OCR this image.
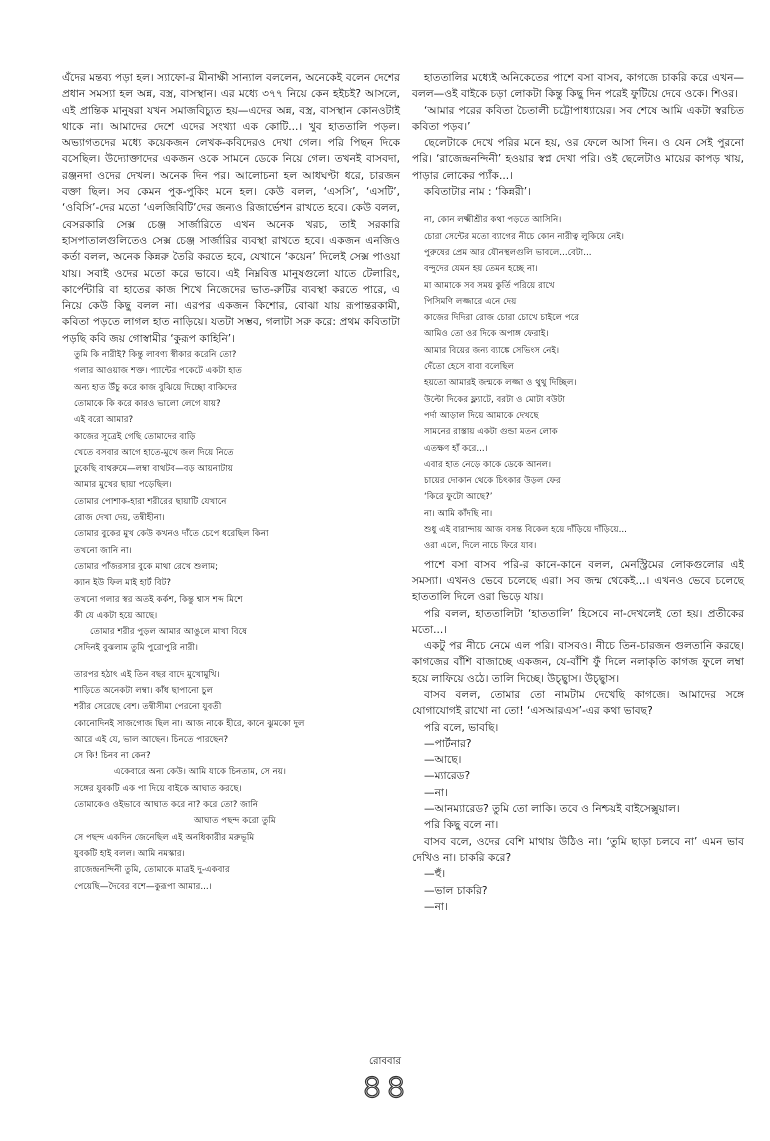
এঁদের মন্তব্য পড়া হল। স্যাফো-র মীনাক্ষী সান্যাল বললেন, অনেকেই বলেন দেশের প্রধান সমস্যা হল অন্ন, বস্ত্র, বাসস্থান। এর মধ্যে ৩৭৭ নিয়ে কেন হইচই? আসলে, এই প্রান্তিক মানুষরা যখন সমাজবিচ্যুত হয়—এদের অন্ন, বস্ত্র, বাসস্থান কোনওটাই থাকে না। আমাদের দেশে এদের সংখ্যা এক কোটি...। খুব হাততালি পড়ল। অভ্যাগতদের মধ্যে কয়েকজন লেখক-কবিদেরও দেখা গেল। পরি পিছন দিকে বসেছিল। উদ্যোক্তাদের একজন ওকে সামনে ডেকে নিয়ে গেল। তখনই বাসবদা, রঞ্জনদা ওদের দেখল। অনেক দিন পর। আলোচনা হল আধঘণ্টা ধরে, চারজন বক্তা ছিল। সব কেমন পুক-পুকিং মনে হল। কেউ বলল, ‘এসসি’, ‘এসটি’, ‘ওবিসি’-দের মতো ‘এলজিবিটি’দের জন্যও রিজার্ভেশন রাখতে হবে। কেউ বলল, বেসরকারি সেক্স চেঞ্জ সার্জারিতে এখন অনেক খরচ, তাই সরকারি হাসপাতালগুলিতেও সেক্স চেঞ্জ সার্জারির ব্যবস্থা রাখতে হবে। একজন এনজিও কর্তা বলল, অনেক কিন্নরু তৈরি করতে হবে, যেখানে ‘কয়েন’ দিলেই সেক্স পাওয়া যায়। সবাই ওদের মতো করে ভাবে। এই নিম্নবিত্ত মানুষগুলো যাতে টেলারিং, কার্পেন্টারি বা হাতের কাজ শিখে নিজেদের ভাত-রুটির ব্যবস্থা করতে পারে, এ নিয়ে কেউ কিছু বলল না। এরপর একজন কিশোর, বোঝা যায় রূপান্তরকামী, কবিতা পড়তে লাগল হাত নাড়িয়ে। যতটা সম্ভব, গলাটা সরু করে: প্রথম কবিতাটা পড়ছি কবি জয় গোস্বামীর ‘কুরূপ কাহিনি’।

তুমি কি নারীই? কিন্তু লাবণ্য স্বীকার করেনি তো?
গলার আওয়াজ শক্ত। প্যান্টের পকেটে একটা হাত
অন্য হাত উঁচু করে কাজ বুঝিয়ে দিচ্ছো বাকিদের
তোমাকে কি করে কারও ভালো লেগে যায়?
এই বরো আমার?
কাজের সূত্রেই গেছি তোমাদের বাড়ি
খেতে বসবার আগে হাতে-মুখে জল দিয়ে নিতে
ঢুকেছি বাথরুমে—লম্বা বাথটব—বড় আয়নাটায়
আমার মুখের ছায়া পড়েছিল।
তোমার পোশাক-হারা শরীরের ছায়াটি যেখানে
রোজ দেখা দেয়, তন্বীহীনা।
তোমার বুকের মুখ কেউ কখনও দাঁতে চেপে ধরেছিল কিনা
তখনো জানি না।
তোমার পাঁজরসার বুকে মাথা রেখে শুলাম;
ক্যান ইউ ফিল মাই হার্ট বিট?
তখনো গলার স্বর অতই কর্কশ, কিন্তু শ্বাস শব্দ মিশে
কী যে একটা হয়ে আছে।
তোমার শরীর পুড়ল আমার আঙুলে মাখা বিষে
সেদিনই বুঝলাম তুমি পুরোপুরি নারী।
তারপর হঠাৎ এই তিন বছর বাদে মুখোমুখি।
শাড়িতে অনেকটা লম্বা। কাঁধ ছাপানো চুল
শরীর সেরেছে বেশ। তন্বীসীমা পেরনো যুবতী
কোনোদিনই সাজগোজ ছিল না। আজ নাকে হীরে, কানে ঝুমকো দুল
আরে এই যে, ভাল আছেন। চিনতে পারছেন?
সে কি! চিনব না কেন?
একেবারে অন্য কেউ। আমি যাকে চিনতাম, সে নয়।
সঙ্গের যুবকটি এক পা দিয়ে বাইকে আঘাত করছে।
তোমাকেও ওইভাবে আঘাত করে না? করে তো? জানি
আঘাত পছন্দ করো তুমি
সে পছন্দ একদিন জেনেছিল এই অনধিকারীর মরুভূমি
যুবকটি হাই বলল। আমি নমস্কার।
রাজেন্দ্রনন্দিনী তুমি, তোমাকে মাত্রই দু-একবার
পেয়েছি—দৈবের বশে—কুরূপা আমার...।

হাততালির মধ্যেই অনিকেতের পাশে বসা বাসব, কাগজে চাকরি করে এখন—বলল—ওই বাইকে চড়া লোকটা কিন্তু কিছু দিন পরেই ফুটিয়ে দেবে ওকে। শিওর।

‘আমার পরের কবিতা চৈতালী চট্টোপাধ্যায়ের। সব শেষে আমি একটা স্বরচিত কবিতা পড়ব।’

ছেলেটাকে দেখে পরির মনে হয়, ওর ফেলে আসা দিন। ও যেন সেই পুরনো পরি। ‘রাজেন্দ্রনন্দিনী’ হওয়ার স্বপ্ন দেখা পরি। ওই ছেলেটাও মায়ের কাপড় খায়, পাড়ার লোকের প্যাঁক...।

কবিতাটার নাম : ‘কিন্নরী’।

না, কোন লক্ষ্মীশ্রীর কথা পড়তে আসিনি।
চোরা সেন্টের মতো ব্যাগের নীচে কোন নারীত্ব লুকিয়ে নেই।
পুরুষের প্রেম আর যৌনস্থলগুলি ভাবলে...বেটা...
বন্দুদের যেমন হয় তেমন হচ্ছে না।
মা আমাকে সব সময় কুর্তি পরিয়ে রাখে
পিসিমণি লজ্জারে এনে দেয়
কাজের দিদিরা রোজ চোরা চোখে চাইলে পরে
আমিও তো ওর দিকে অপাঙ্গ ফেরাই।
আমার বিয়ের জন্য ব্যাঙ্কে সেভিংস নেই।
দেঁতো হেসে বাবা বলেছিল
হয়তো আমারই জন্মকে লজ্জা ও থুথু দিচ্ছিল।
উল্টো দিকের ফ্ল্যাটে, বরটা ও মোটা বউটা
পর্দা আড়াল দিয়ে আমাকে দেখছে
সামনের রাস্তায় একটা গুন্ডা মতন লোক
এতক্ষণ হাঁ করে...।
এবার হাত নেড়ে কাকে ডেকে আনল।
চায়ের দোকান থেকে চিৎকার উড়ল ফের
‘কিরে ফুটো আছে?’
না। আমি কাঁদছি না।
শুধু এই বারান্দায় আজ বসন্ত বিকেল হয়ে দাঁড়িয়ে দাঁড়িয়ে...
ওরা এলে, দিলে নাচে ফিরে যাব।

পাশে বসা বাসব পরি-র কানে-কানে বলল, মেনস্ট্রিমের লোকগুলোর এই সমস্যা। এখনও ভেবে চলেছে এরা। সব জন্ম থেকেই...। এখনও ভেবে চলেছে হাততালি দিলে ওরা ভিড়ে যায়।

পরি বলল, হাততালিটা ‘হাততালি’ হিসেবে না-দেখলেই তো হয়। প্রতীকের মতো...।

একটু পর নীচে নেমে এল পরি। বাসবও। নীচে তিন-চারজন গুলতানি করছে। কাগজের বাঁশি বাজাচ্ছে একজন, যে-বাঁশি ফুঁ দিলে নলাকৃতি কাগজ ফুলে লম্বা হয়ে লাফিয়ে ওঠে। তালি দিচ্ছে। উচ্ছ্বাস। উচ্ছ্বাস।

বাসব বলল, তোমার তো নামটাম দেখেছি কাগজে। আমাদের সঙ্গে যোগাযোগই রাখো না তো! ‘এসআরএস’-এর কথা ভাবছ?

পরি বলে, ভাবছি।

—পার্টনার?

—আছে।

—ম্যারেড?

—না।

—আনম্যারেড? তুমি তো লাকি। তবে ও নিশ্চয়ই বাইসেক্সুয়াল।

পরি কিছু বলে না।

বাসব বলে, ওদের বেশি মাথায় উঠিও না। ‘তুমি ছাড়া চলবে না’ এমন ভাব দেখিও না। চাকরি করে?

—হুঁ।

—ভাল চাকরি?

—না।

রোববার
৪৪
